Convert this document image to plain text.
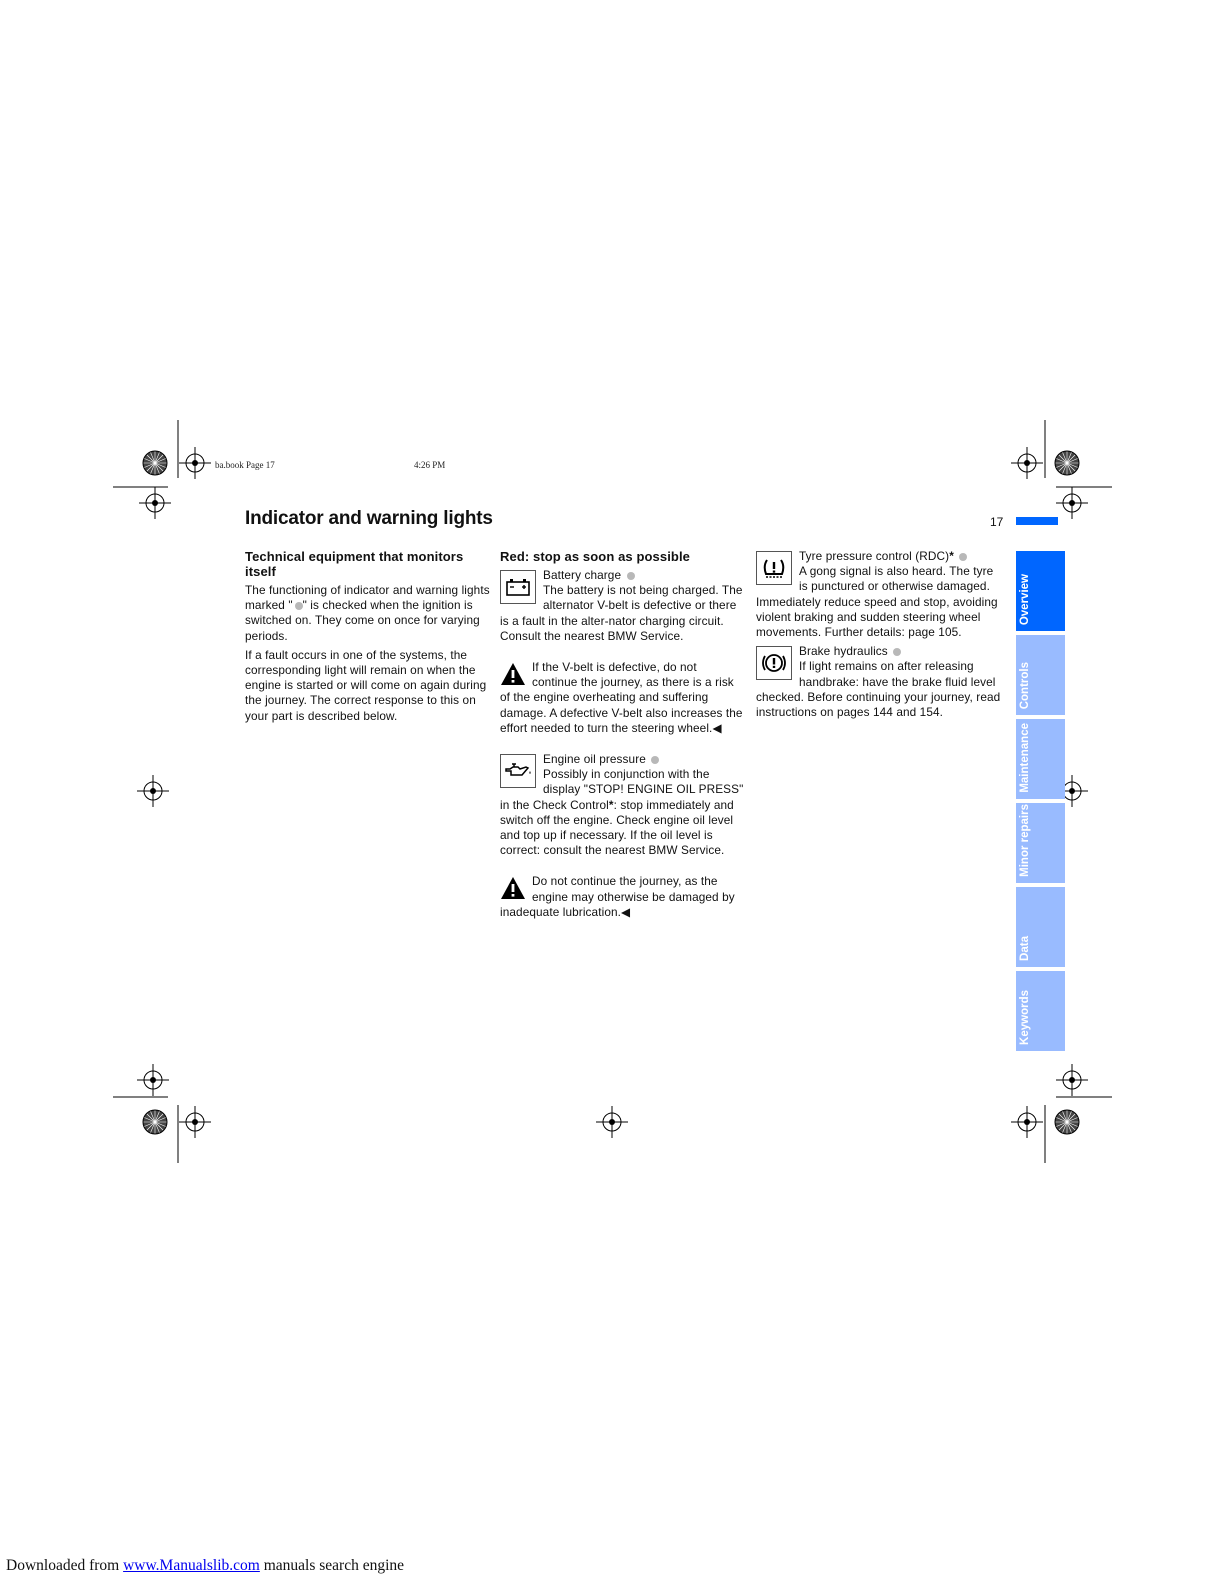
ba.book Page 17	4:26 PM
Indicator and warning lights	17
Technical equipment that monitors itself

The functioning of indicator and warning lights marked " " is checked when the ignition is switched on. They come on once for varying periods.

If a fault occurs in one of the systems, the corresponding light will remain on when the engine is started or will come on again during the journey. The correct response to this on your part is described below.

Red: stop as soon as possible
Battery charge
The battery is not being charged. The alternator V-belt is defective or there is a fault in the alter-nator charging circuit. Consult the nearest BMW Service.
If the V-belt is defective, do not continue the journey, as there is a risk of the engine overheating and suffering damage. A defective V-belt also increases the effort needed to turn the steering wheel.◀
Engine oil pressure
Possibly in conjunction with the display "STOP! ENGINE OIL PRESS" in the Check Control*: stop immediately and switch off the engine. Check engine oil level and top up if necessary. If the oil level is correct: consult the nearest BMW Service.
Do not continue the journey, as the engine may otherwise be damaged by inadequate lubrication.◀
Tyre pressure control (RDC)*
A gong signal is also heard. The tyre is punctured or otherwise damaged. Immediately reduce speed and stop, avoiding violent braking and sudden steering wheel movements. Further details: page 105.
Brake hydraulics
If light remains on after releasing handbrake: have the brake fluid level checked. Before continuing your journey, read instructions on pages 144 and 154.
Overview
Controls
Maintenance
Minor repairs
Data
Keywords
Downloaded from www.Manualslib.com manuals search engine
